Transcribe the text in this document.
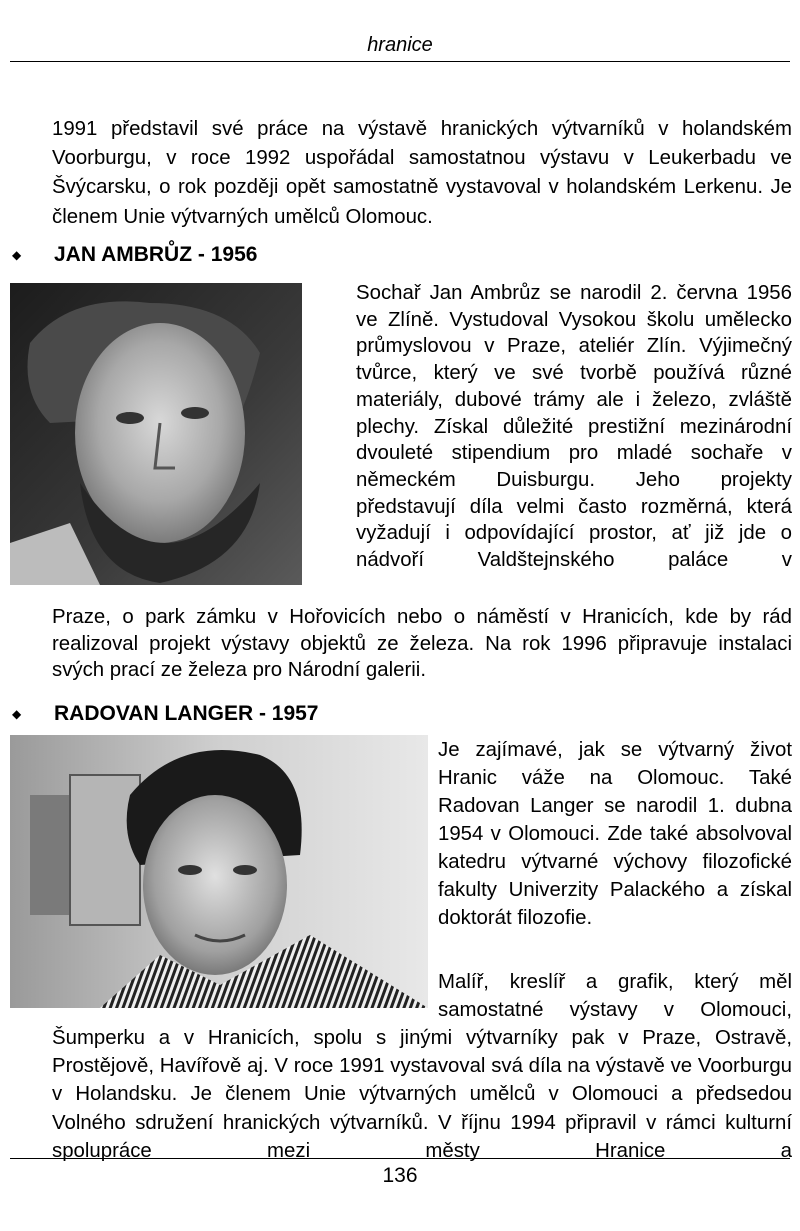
hranice

1991 představil své práce na výstavě hranických výtvarníků v holandském Voorburgu, v roce 1992 uspořádal samostatnou výstavu v Leukerbadu ve Švýcarsku, o rok později opět samostatně vystavoval v holandském Lerkenu. Je členem Unie výtvarných umělců Olomouc.

◆	JAN AMBRŮZ - 1956

Sochař Jan Ambrůz se narodil 2. června 1956 ve Zlíně. Vystudoval Vysokou školu umělecko průmyslovou v Praze, ateliér Zlín. Výjimečný tvůrce, který ve své tvorbě používá různé materiály, dubové trámy ale i železo, zvláště plechy. Získal důležité prestižní mezinárodní dvouleté stipendium pro mladé sochaře v německém Duisburgu. Jeho projekty představují díla velmi často rozměrná, která vyžadují i odpovídající prostor, ať již jde o nádvoří Valdštejnského paláce v

Praze, o park zámku v Hořovicích nebo o náměstí v Hranicích, kde by rád realizoval projekt výstavy objektů ze železa. Na rok 1996 připravuje instalaci svých prací ze železa pro Národní galerii.

◆	RADOVAN LANGER - 1957

Je zajímavé, jak se výtvarný život Hranic váže na Olomouc. Také Radovan Langer se narodil 1. dubna 1954 v Olomouci. Zde také absolvoval katedru výtvarné výchovy filozofické fakulty Univerzity Palackého a získal doktorát filozofie.

Malíř, kreslíř a grafik, který měl samostatné výstavy v Olomouci,

Šumperku a v Hranicích, spolu s jinými výtvarníky pak v Praze, Ostravě, Prostějově, Havířově aj. V roce 1991 vystavoval svá díla na výstavě ve Voorburgu v Holandsku. Je členem Unie výtvarných umělců v Olomouci a předsedou Volného sdružení hranických výtvarníků. V říjnu 1994 připravil v rámci kulturní spolupráce mezi městy Hranice a

136
